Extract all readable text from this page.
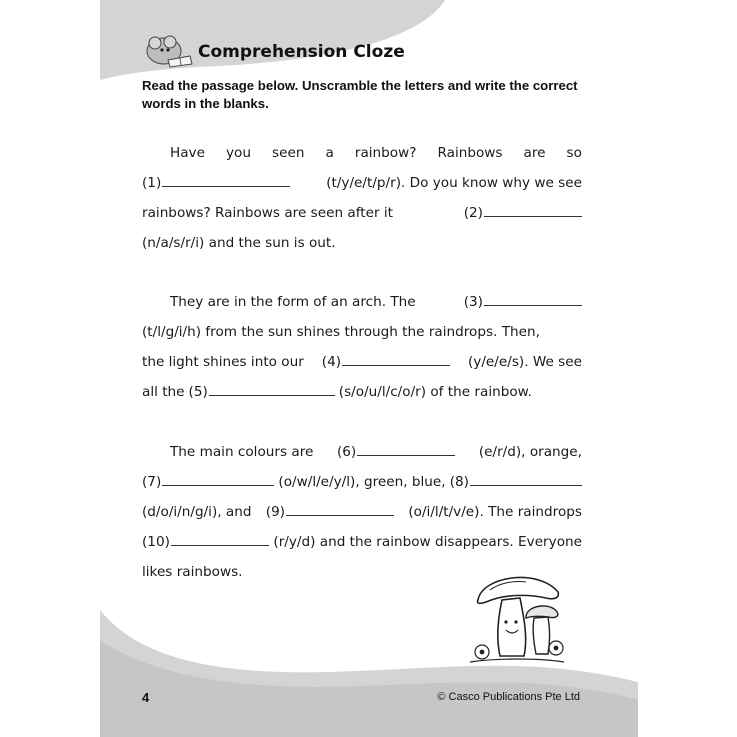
Comprehension Cloze
Read the passage below. Unscramble the letters and write the correct words in the blanks.
Have you seen a rainbow? Rainbows are so
(1)	(t/y/e/t/p/r). Do you know why we see
rainbows? Rainbows are seen after it	(2)
(n/a/s/r/i) and the sun is out.
They are in the form of an arch. The	(3)
(t/l/g/i/h) from the sun shines through the raindrops. Then,
the light shines into our (4)	(y/e/e/s). We see
all the (5)	(s/o/u/l/c/o/r) of the rainbow.
The main colours are (6)	(e/r/d), orange,
(7)	(o/w/l/e/y/l), green, blue, (8)
(d/o/i/n/g/i), and (9)	(o/i/l/t/v/e). The raindrops
(10)	(r/y/d) and the rainbow disappears. Everyone
likes rainbows.
4	© Casco Publications Pte Ltd
